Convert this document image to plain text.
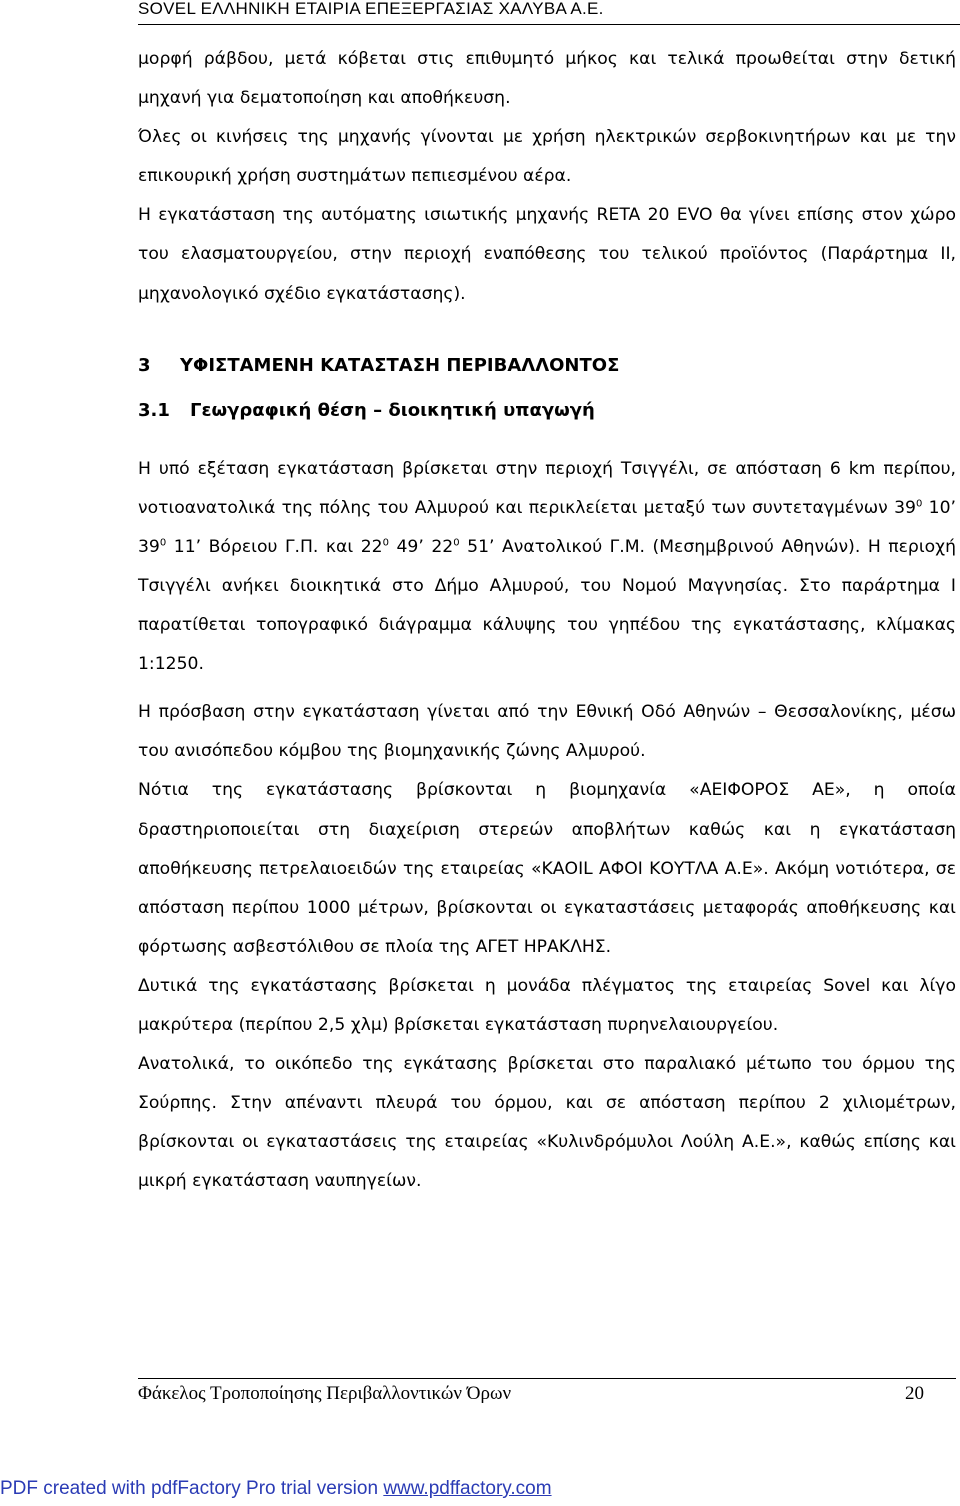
SOVEL ΕΛΛΗΝΙΚΗ ΕΤΑΙΡΙΑ ΕΠΕΞΕΡΓΑΣΙΑΣ ΧΑΛΥΒΑ Α.Ε.

μορφή ράβδου, μετά κόβεται στις επιθυμητό μήκος και τελικά προωθείται στην δετική μηχανή για δεματοποίηση και αποθήκευση.

Όλες οι κινήσεις της μηχανής γίνονται με χρήση ηλεκτρικών σερβοκινητήρων και με την επικουρική χρήση συστημάτων πεπιεσμένου αέρα.

Η εγκατάσταση της αυτόματης ισιωτικής μηχανής RETA 20 EVO θα γίνει επίσης στον χώρο του ελασματουργείου, στην περιοχή εναπόθεσης του τελικού προϊόντος (Παράρτημα ΙΙ, μηχανολογικό σχέδιο εγκατάστασης).

3 ΥΦΙΣΤΑΜΕΝΗ ΚΑΤΑΣΤΑΣΗ ΠΕΡΙΒΑΛΛΟΝΤΟΣ

3.1 Γεωγραφική θέση – διοικητική υπαγωγή

Η υπό εξέταση εγκατάσταση βρίσκεται στην περιοχή Τσιγγέλι, σε απόσταση 6 km περίπου, νοτιοανατολικά της πόλης του Αλμυρού και περικλείεται μεταξύ των συντεταγμένων $39^0$ 10’ $39^0$ 11’ Βόρειου Γ.Π. και $22^0$ 49’ $22^0$ 51’ Ανατολικού Γ.Μ. (Μεσημβρινού Αθηνών). Η περιοχή Τσιγγέλι ανήκει διοικητικά στο Δήμο Αλμυρού, του Νομού Μαγνησίας. Στο παράρτημα Ι παρατίθεται τοπογραφικό διάγραμμα κάλυψης του γηπέδου της εγκατάστασης, κλίμακας 1:1250.

Η πρόσβαση στην εγκατάσταση γίνεται από την Εθνική Οδό Αθηνών – Θεσσαλονίκης, μέσω του ανισόπεδου κόμβου της βιομηχανικής ζώνης Αλμυρού.

Νότια της εγκατάστασης βρίσκονται η βιομηχανία «ΑΕΙΦΟΡΟΣ ΑΕ», η οποία δραστηριοποιείται στη διαχείριση στερεών αποβλήτων καθώς και η εγκατάσταση αποθήκευσης πετρελαιοειδών της εταιρείας «ΚΑΟΙL ΑΦΟΙ ΚΟΥΤΛΑ Α.Ε». Ακόμη νοτιότερα, σε απόσταση περίπου 1000 μέτρων, βρίσκονται οι εγκαταστάσεις μεταφοράς αποθήκευσης και φόρτωσης ασβεστόλιθου σε πλοία της ΑΓΕΤ ΗΡΑΚΛΗΣ.

Δυτικά της εγκατάστασης βρίσκεται η μονάδα πλέγματος της εταιρείας Sovel και λίγο μακρύτερα (περίπου 2,5 χλμ) βρίσκεται εγκατάσταση πυρηνελαιουργείου.

Ανατολικά, το οικόπεδο της εγκάτασης βρίσκεται στο παραλιακό μέτωπο του όρμου της Σούρπης. Στην απέναντι πλευρά του όρμου, και σε απόσταση περίπου 2 χιλιομέτρων, βρίσκονται οι εγκαταστάσεις της εταιρείας «Κυλινδρόμυλοι Λούλη Α.Ε.», καθώς επίσης και μικρή εγκατάσταση ναυπηγείων.

Φάκελος Τροποποίησης Περιβαλλοντικών Όρων	20
PDF created with pdfFactory Pro trial version www.pdffactory.com
